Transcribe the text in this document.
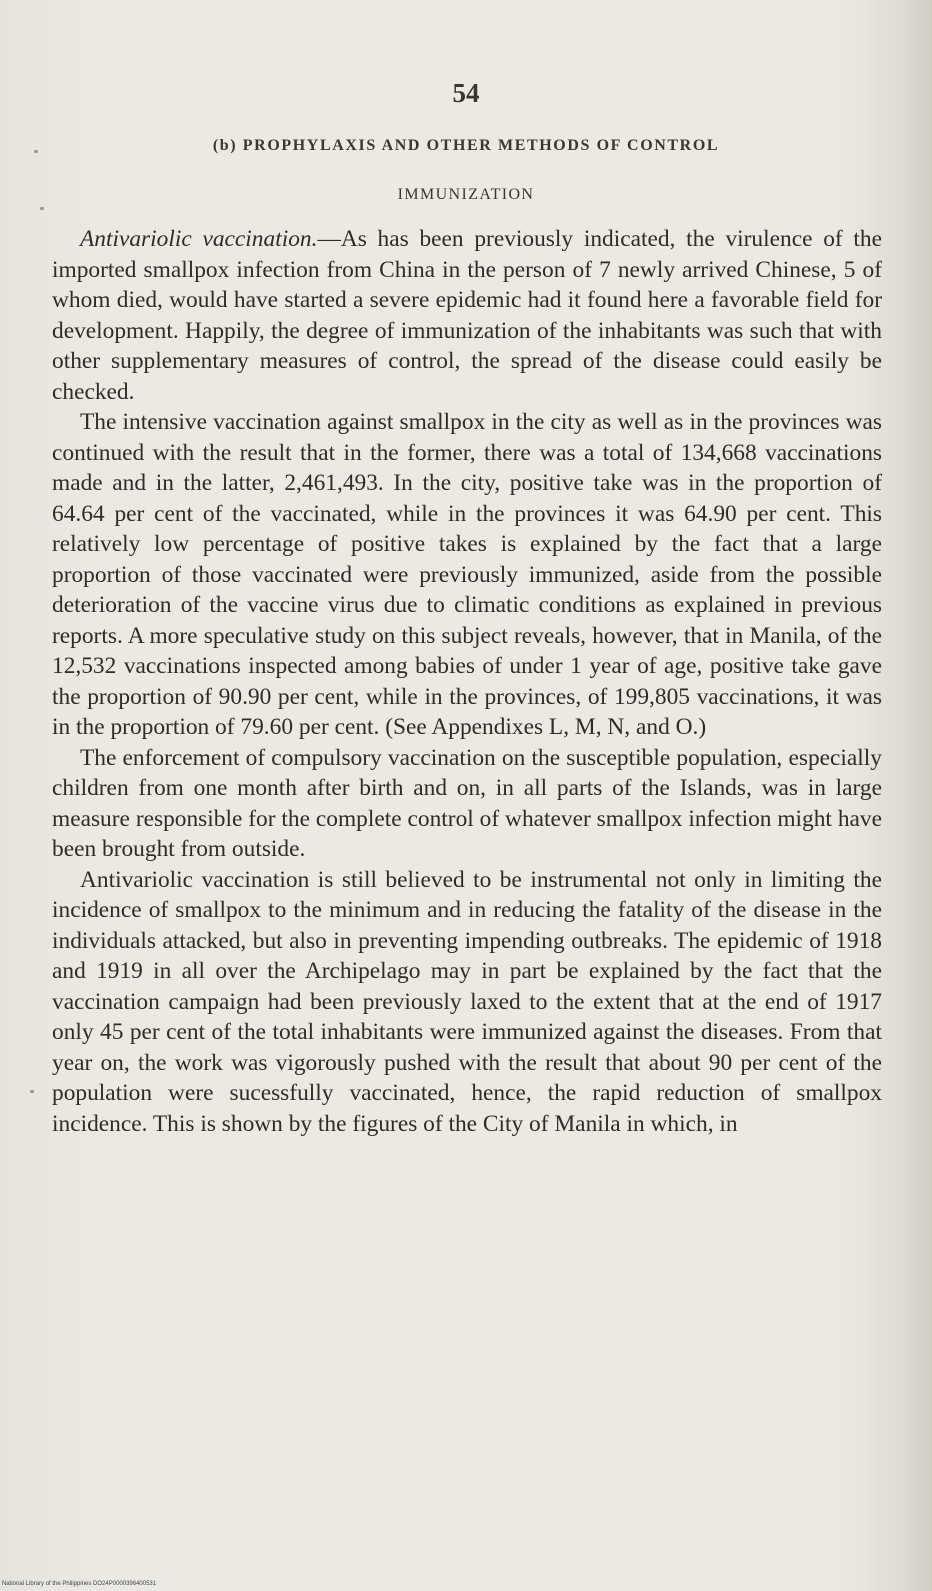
54
(b) PROPHYLAXIS AND OTHER METHODS OF CONTROL
IMMUNIZATION

Antivariolic vaccination.—As has been previously indicated, the virulence of the imported smallpox infection from China in the person of 7 newly arrived Chinese, 5 of whom died, would have started a severe epidemic had it found here a favorable field for development. Happily, the degree of immunization of the inhabitants was such that with other supplementary measures of control, the spread of the disease could easily be checked.

The intensive vaccination against smallpox in the city as well as in the provinces was continued with the result that in the former, there was a total of 134,668 vaccinations made and in the latter, 2,461,493. In the city, positive take was in the proportion of 64.64 per cent of the vaccinated, while in the provinces it was 64.90 per cent. This relatively low percentage of positive takes is explained by the fact that a large proportion of those vaccinated were previously immunized, aside from the possible deterioration of the vaccine virus due to climatic conditions as explained in previous reports. A more speculative study on this subject reveals, however, that in Manila, of the 12,532 vaccinations inspected among babies of under 1 year of age, positive take gave the proportion of 90.90 per cent, while in the provinces, of 199,805 vaccinations, it was in the proportion of 79.60 per cent. (See Appendixes L, M, N, and O.)

The enforcement of compulsory vaccination on the susceptible population, especially children from one month after birth and on, in all parts of the Islands, was in large measure responsible for the complete control of whatever smallpox infection might have been brought from outside.

Antivariolic vaccination is still believed to be instrumental not only in limiting the incidence of smallpox to the minimum and in reducing the fatality of the disease in the individuals attacked, but also in preventing impending outbreaks. The epidemic of 1918 and 1919 in all over the Archipelago may in part be explained by the fact that the vaccination campaign had been previously laxed to the extent that at the end of 1917 only 45 per cent of the total inhabitants were immunized against the diseases. From that year on, the work was vigorously pushed with the result that about 90 per cent of the population were sucessfully vaccinated, hence, the rapid reduction of smallpox incidence. This is shown by the figures of the City of Manila in which, in

National Library of the Philippines DO24P0000396400531
